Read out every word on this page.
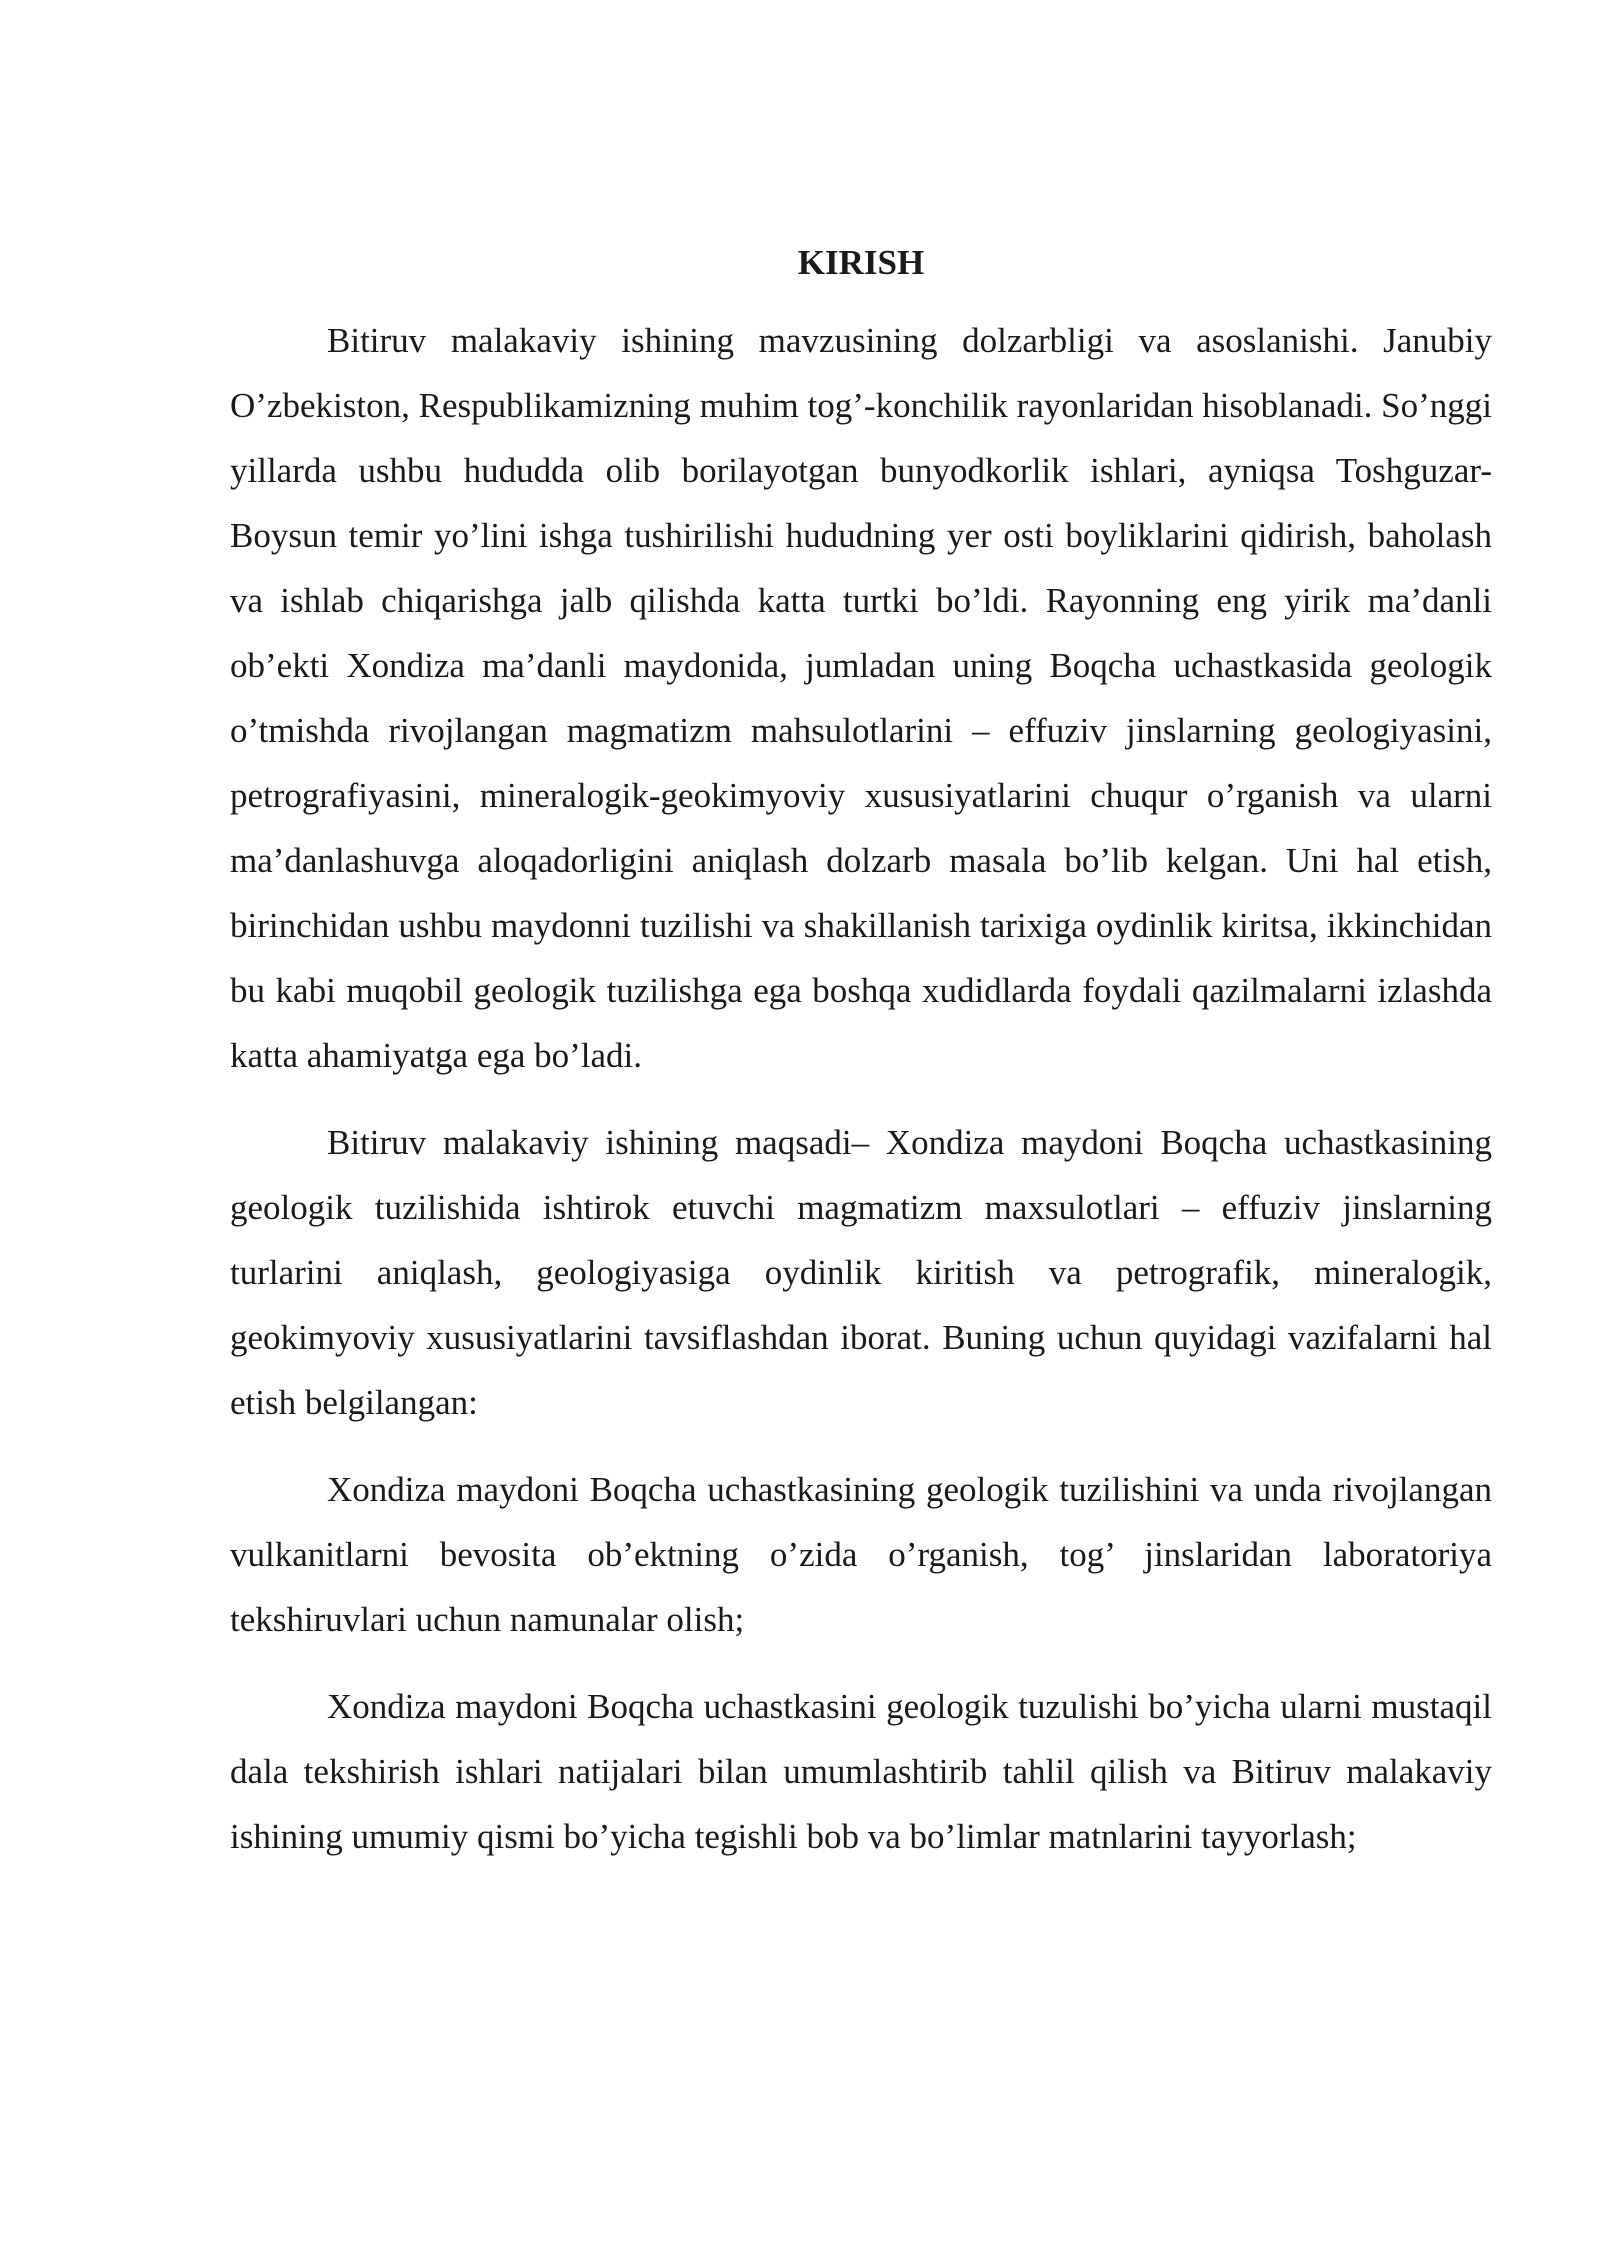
KIRISH

Bitiruv malakaviy ishining mavzusining dolzarbligi va asoslanishi. Janubiy O’zbekiston, Respublikamizning muhim tog’-konchilik rayonlaridan hisoblanadi. So’nggi yillarda ushbu hududda olib borilayotgan bunyodkorlik ishlari, ayniqsa Toshguzar-Boysun temir yo’lini ishga tushirilishi hududning yer osti boyliklarini qidirish, baholash va ishlab chiqarishga jalb qilishda katta turtki bo’ldi. Rayonning eng yirik ma’danli ob’ekti Xondiza ma’danli maydonida, jumladan uning Boqcha uchastkasida geologik o’tmishda rivojlangan magmatizm mahsulotlarini – effuziv jinslarning geologiyasini, petrografiyasini, mineralogik-geokimyoviy xususiyatlarini chuqur o’rganish va ularni ma’danlashuvga aloqadorligini aniqlash dolzarb masala bo’lib kelgan. Uni hal etish, birinchidan ushbu maydonni tuzilishi va shakillanish tarixiga oydinlik kiritsa, ikkinchidan bu kabi muqobil geologik tuzilishga ega boshqa xudidlarda foydali qazilmalarni izlashda katta ahamiyatga ega bo’ladi.

Bitiruv malakaviy ishining maqsadi– Xondiza maydoni Boqcha uchastkasining geologik tuzilishida ishtirok etuvchi magmatizm maxsulotlari – effuziv jinslarning turlarini aniqlash, geologiyasiga oydinlik kiritish va petrografik, mineralogik, geokimyoviy xususiyatlarini tavsiflashdan iborat. Buning uchun quyidagi vazifalarni hal etish belgilangan:

Xondiza maydoni Boqcha uchastkasining geologik tuzilishini va unda rivojlangan vulkanitlarni bevosita ob’ektning o’zida o’rganish, tog’ jinslaridan laboratoriya tekshiruvlari uchun namunalar olish;

Xondiza maydoni Boqcha uchastkasini geologik tuzulishi bo’yicha ularni mustaqil dala tekshirish ishlari natijalari bilan umumlashtirib tahlil qilish va Bitiruv malakaviy ishining umumiy qismi bo’yicha tegishli bob va bo’limlar matnlarini tayyorlash;
